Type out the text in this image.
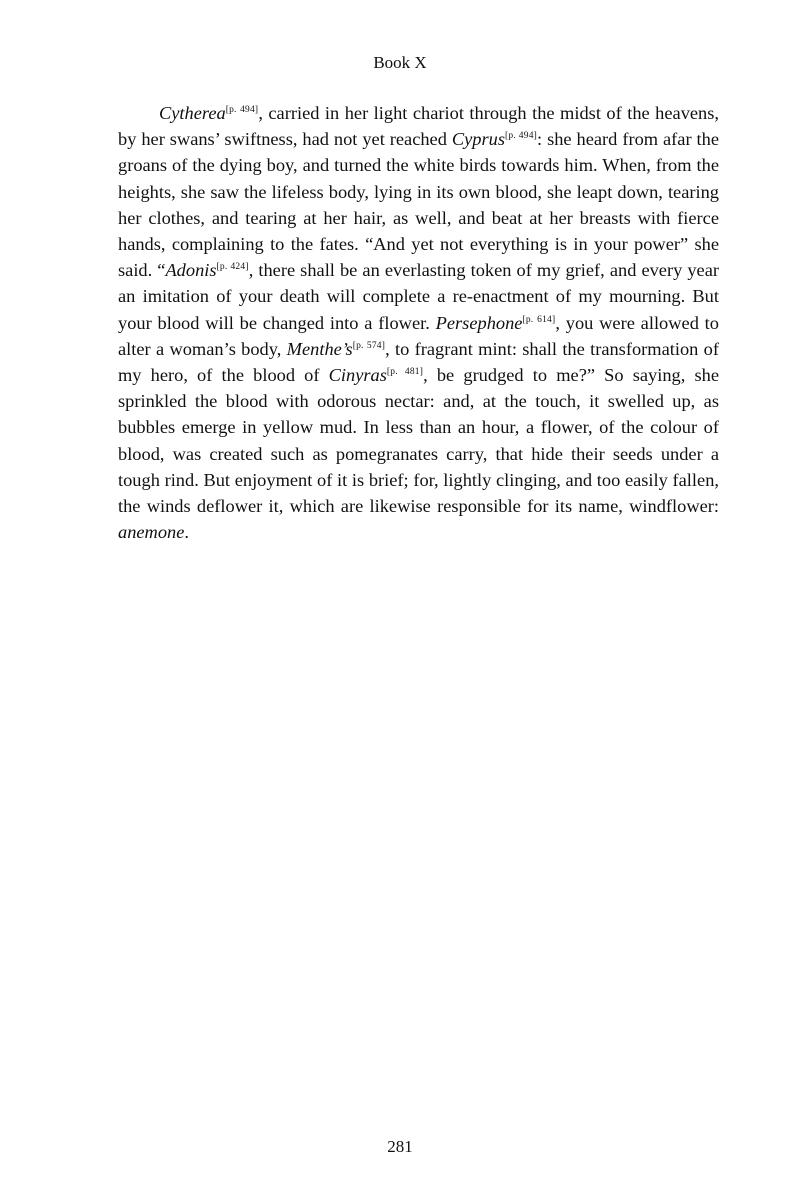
Book X

Cytherea[p. 494], carried in her light chariot through the midst of the heavens, by her swans’ swiftness, had not yet reached Cyprus[p. 494]: she heard from afar the groans of the dying boy, and turned the white birds towards him. When, from the heights, she saw the lifeless body, lying in its own blood, she leapt down, tearing her clothes, and tearing at her hair, as well, and beat at her breasts with fierce hands, complaining to the fates. “And yet not everything is in your power” she said. “Adonis[p. 424], there shall be an everlasting token of my grief, and every year an imitation of your death will complete a re-enactment of my mourning. But your blood will be changed into a flower. Persephone[p. 614], you were allowed to alter a woman’s body, Menthe’s[p. 574], to fragrant mint: shall the transformation of my hero, of the blood of Cinyras[p. 481], be grudged to me?” So saying, she sprinkled the blood with odorous nectar: and, at the touch, it swelled up, as bubbles emerge in yellow mud. In less than an hour, a flower, of the colour of blood, was created such as pomegranates carry, that hide their seeds under a tough rind. But enjoyment of it is brief; for, lightly clinging, and too easily fallen, the winds deflower it, which are likewise responsible for its name, windflower: anemone.

281
